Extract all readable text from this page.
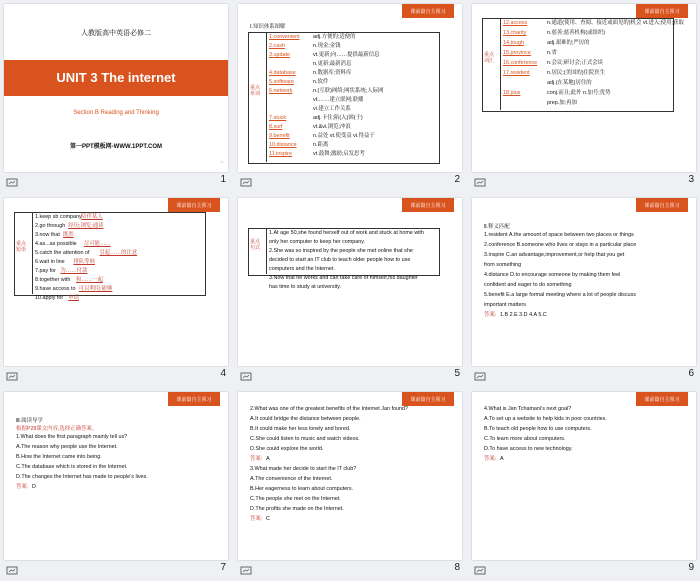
人教版高中英语必修二
UNIT 3 The internet
Section B Reading and Thinking
第一PPT模板网-WWW.1PPT.COM
-/-
1
课前篇自主预习
Ⅰ.知识体系图解
重点单词
1.convenient adj.方便的;适便的
2.cash	n.现金;金钱
3.update	vt.更新;向……提供最新信息
n.更新;最新消息
4.database	n.数据库;资料库
5.software	n.软件
6.network	n.(互联)网络;网状系统;人际网
vt.……建立联网;联播
vi.建立工作关系
7.stuck	adj.卡住;陷(入)困(于)
8.surf	vt.&vi.浏览;冲浪
9.benefit	n.益处 vt.使受益 vi.得益于
10.distance	n.距离
11.inspire	vt.鼓舞;激励;启发思考
2
课前篇自主预习
重点词汇
12.access	n.通道(使用、查阅、接近或面见的)机会 vt.进入;使用;获取
13.charity	n.慈善;慈善机构(或组织)
14.tough	adj.艰难的;严厉的
15.province	n.省
16.conference n.会议;研讨会;正式会谈
17.resident	n.居民;(美国的)住院医生
adj.(在某地)居住的
18.plus	conj.而且;此外 n.加号;优势
prep.加;再加
3
课前篇自主预习
重点短语
1.keep sb company 陪伴某人
2.go through 经历;浏览;通读
3.now that 既然
4.as...as possible 尽可能……
5.catch the attention of 引起……的注意
6.wait in line 排队等候
7.pay for 为……付款
8.together with 和……一起
9.have access to 可以利用;能够
10.apply for 申请
4
课前篇自主预习
重点句式
1.At age 50,she found herself out of work and stuck at home with
only her computer to keep her company.
2.She was so inspired by the people she met online that she
decided to start an IT club to teach older people how to use
computers and the Internet.
3.Now that he works and can take care of himself,his daughter
has time to study at university.
5
课前篇自主预习
Ⅱ.释义匹配
1.resident A.the amount of space between two places or things
2.conference B.someone who lives or stays in a particular place
3.inspire C.an advantage,improvement,or help that you get
from something
4.distance D.to encourage someone by making them feel
confident and eager to do something
5.benefit E.a large formal meeting where a lot of people discuss
important matters
答案: 1.B 2.E 3.D 4.A 5.C
6
课前篇自主预习
Ⅲ.阅读导学
根据P28课文内容,选择正确答案。
1.What does the first paragraph mainly tell us?
A.The reason why people use the Internet.
B.How the Internet came into being.
C.The database which is stored in the Internet.
D.The changes the Internet has made to people’s lives.
答案: D
7
课前篇自主预习
2.What was one of the greatest benefits of the Internet Jan found?
A.It could bridge the distance between people.
B.It could make her less lonely and bored.
C.She could listen to music and watch videos.
D.She could explore the world.
答案: A
3.What made her decide to start the IT club?
A.The convenience of the Internet.
B.Her eagerness to learn about computers.
C.The people she met on the Internet.
D.The profits she made on the Internet.
答案: C
8
课前篇自主预习
4.What is Jan Tchamani’s next goal?
A.To set up a website to help kids in poor countries.
B.To teach old people how to use computers.
C.To learn more about computers.
D.To have access to new technology.
答案: A
9
